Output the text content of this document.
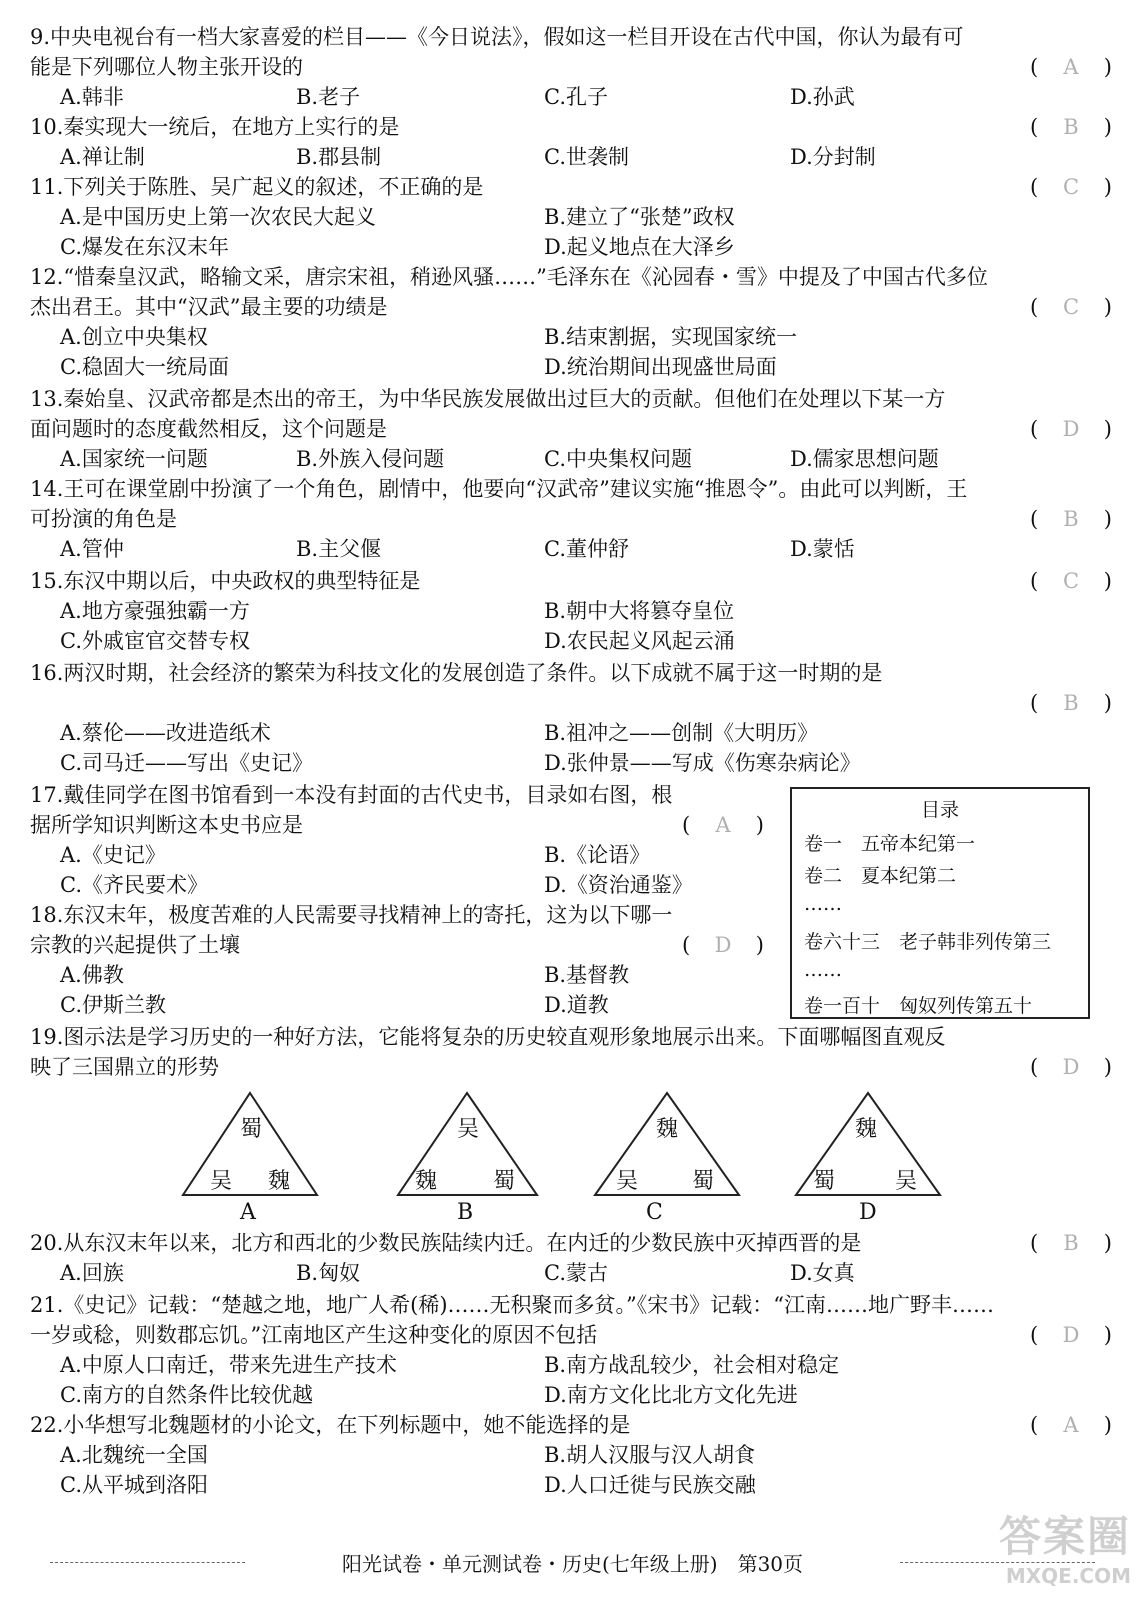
9.中央电视台有一档大家喜爱的栏目——《今日说法》，假如这一栏目开设在古代中国，你认为最有可
能是下列哪位人物主张开设的	( A )
A.韩非	B.老子	C.孔子	D.孙武
10.秦实现大一统后，在地方上实行的是	( B )
A.禅让制	B.郡县制	C.世袭制	D.分封制
11.下列关于陈胜、吴广起义的叙述，不正确的是	( C )
A.是中国历史上第一次农民大起义	B.建立了“张楚”政权
C.爆发在东汉末年	D.起义地点在大泽乡
12.“惜秦皇汉武，略输文采，唐宗宋祖，稍逊风骚……”毛泽东在《沁园春・雪》中提及了中国古代多位
杰出君王。其中“汉武”最主要的功绩是	( C )
A.创立中央集权	B.结束割据，实现国家统一
C.稳固大一统局面	D.统治期间出现盛世局面
13.秦始皇、汉武帝都是杰出的帝王，为中华民族发展做出过巨大的贡献。但他们在处理以下某一方
面问题时的态度截然相反，这个问题是	( D )
A.国家统一问题	B.外族入侵问题	C.中央集权问题	D.儒家思想问题
14.王可在课堂剧中扮演了一个角色，剧情中，他要向“汉武帝”建议实施“推恩令”。由此可以判断，王
可扮演的角色是	( B )
A.管仲	B.主父偃	C.董仲舒	D.蒙恬
15.东汉中期以后，中央政权的典型特征是	( C )
A.地方豪强独霸一方	B.朝中大将篡夺皇位
C.外戚宦官交替专权	D.农民起义风起云涌
16.两汉时期，社会经济的繁荣为科技文化的发展创造了条件。以下成就不属于这一时期的是
( B )
A.蔡伦——改进造纸术	B.祖冲之——创制《大明历》
C.司马迁——写出《史记》	D.张仲景——写成《伤寒杂病论》
17.戴佳同学在图书馆看到一本没有封面的古代史书，目录如右图，根
据所学知识判断这本史书应是	( A )
A.《史记》	B.《论语》
C.《齐民要术》	D.《资治通鉴》
目录
卷一　五帝本纪第一
卷二　夏本纪第二
……
卷六十三　老子韩非列传第三
……
卷一百十　匈奴列传第五十
18.东汉末年，极度苦难的人民需要寻找精神上的寄托，这为以下哪一
宗教的兴起提供了土壤	( D )
A.佛教	B.基督教
C.伊斯兰教	D.道教
19.图示法是学习历史的一种好方法，它能将复杂的历史较直观形象地展示出来。下面哪幅图直观反
映了三国鼎立的形势	( D )
蜀
吴 魏
A
吴
魏	蜀
B
魏
吴 蜀
C
魏
蜀	吴
D
20.从东汉末年以来，北方和西北的少数民族陆续内迁。在内迁的少数民族中灭掉西晋的是	( B )
A.回族	B.匈奴	C.蒙古	D.女真
21.《史记》记载：“楚越之地，地广人希(稀)……无积聚而多贫。”《宋书》记载：“江南……地广野丰……
一岁或稔，则数郡忘饥。”江南地区产生这种变化的原因不包括	( D )
A.中原人口南迁，带来先进生产技术	B.南方战乱较少，社会相对稳定
C.南方的自然条件比较优越	D.南方文化比北方文化先进
22.小华想写北魏题材的小论文，在下列标题中，她不能选择的是	( A )
A.北魏统一全国	B.胡人汉服与汉人胡食
C.从平城到洛阳	D.人口迁徙与民族交融
阳光试卷・单元测试卷・历史(七年级上册)　第30页
答案圈
MXQE.COM
